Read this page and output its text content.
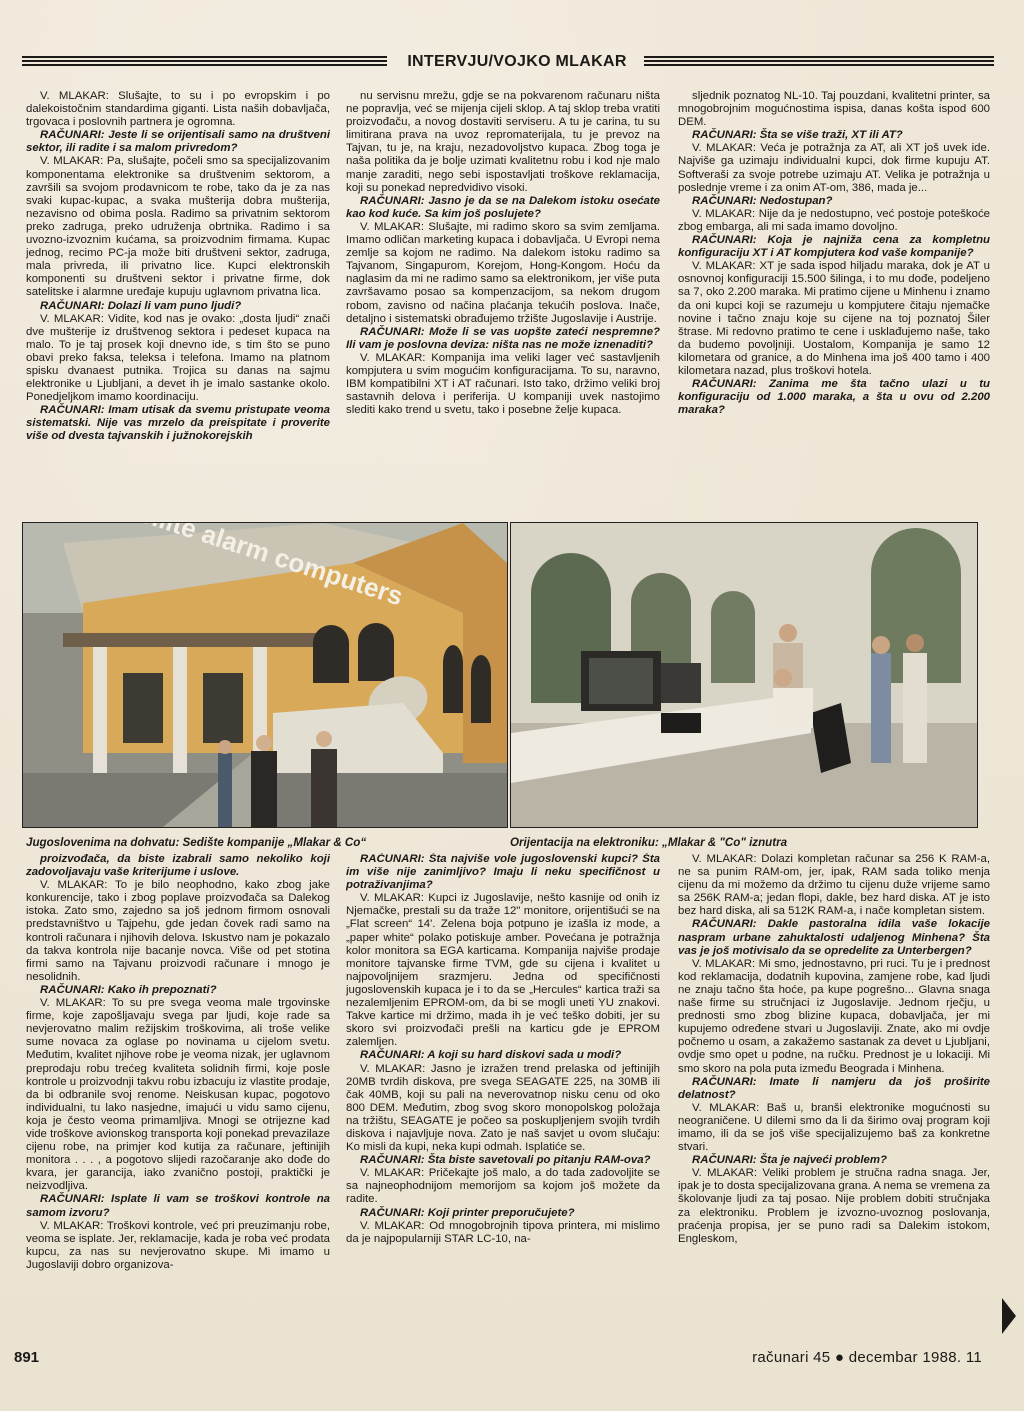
INTERVJU/VOJKO MLAKAR

V. MLAKAR: Slušajte, to su i po evropskim i po dalekoistočnim standardima giganti. Lista naših dobavljača, trgovaca i poslovnih partnera je ogromna.

RAČUNARI: Jeste li se orijentisali samo na društveni sektor, ili radite i sa malom privredom?

V. MLAKAR: Pa, slušajte, počeli smo sa specijalizovanim komponentama elektronike sa društvenim sektorom, a završili sa svojom prodavnicom te robe, tako da je za nas svaki kupac-kupac, a svaka mušterija dobra mušterija, nezavisno od obima posla. Radimo sa privatnim sektorom preko zadruga, preko udruženja obrtnika. Radimo i sa uvozno-izvoznim kućama, sa proizvodnim firmama. Kupac jednog, recimo PC-ja može biti društveni sektor, zadruga, mala privreda, ili privatno lice. Kupci elektronskih komponenti su društveni sektor i privatne firme, dok satelitske i alarmne uređaje kupuju uglavnom privatna lica.

RAČUNARI: Dolazi li vam puno ljudi?

V. MLAKAR: Vidite, kod nas je ovako: „dosta ljudi“ znači dve mušterije iz društvenog sektora i pedeset kupaca na malo. To je taj prosek koji dnevno ide, s tim što se puno obavi preko faksa, teleksa i telefona. Imamo na platnom spisku dvanaest putnika. Trojica su danas na sajmu elektronike u Ljubljani, a devet ih je imalo sastanke okolo. Ponedjeljkom imamo koordinaciju.

RAČUNARI: Imam utisak da svemu pristupate veoma sistematski. Nije vas mrzelo da preispitate i proverite više od dvesta tajvanskih i južnokorejskih

nu servisnu mrežu, gdje se na pokvarenom računaru ništa ne popravlja, već se mijenja cijeli sklop. A taj sklop treba vratiti proizvođaču, a novog dostaviti serviseru. A tu je carina, tu su limitirana prava na uvoz repromaterijala, tu je prevoz na Tajvan, tu je, na kraju, nezadovoljstvo kupaca. Zbog toga je naša politika da je bolje uzimati kvalitetnu robu i kod nje malo manje zaraditi, nego sebi ispostavljati troškove reklamacija, koji su ponekad nepredvidivo visoki.

RAČUNARI: Jasno je da se na Dalekom istoku osećate kao kod kuće. Sa kim još poslujete?

V. MLAKAR: Slušajte, mi radimo skoro sa svim zemljama. Imamo odličan marketing kupaca i dobavljača. U Evropi nema zemlje sa kojom ne radimo. Na dalekom istoku radimo sa Tajvanom, Singapurom, Korejom, Hong-Kongom. Hoću da naglasim da mi ne radimo samo sa elektronikom, jer više puta završavamo posao sa kompenzacijom, sa nekom drugom robom, zavisno od načina plaćanja tekućih poslova. Inače, detaljno i sistematski obrađujemo tržište Jugoslavije i Austrije.

RAČUNARI: Može li se vas uopšte zateći nespremne? Ili vam je poslovna deviza: ništa nas ne može iznenaditi?

V. MLAKAR: Kompanija ima veliki lager već sastavljenih kompjutera u svim mogućim konfiguracijama. To su, naravno, IBM kompatibilni XT i AT računari. Isto tako, držimo veliki broj sastavnih delova i periferija. U kompaniji uvek nastojimo slediti kako trend u svetu, tako i posebne želje kupaca.

sljednik poznatog NL-10. Taj pouzdani, kvalitetni printer, sa mnogobrojnim mogućnostima ispisa, danas košta ispod 600 DEM.

RAČUNARI: Šta se više traži, XT ili AT?

V. MLAKAR: Veća je potražnja za AT, ali XT još uvek ide. Najviše ga uzimaju individualni kupci, dok firme kupuju AT. Softveraši za svoje potrebe uzimaju AT. Velika je potražnja u poslednje vreme i za onim AT-om, 386, mada je...

RAČUNARI: Nedostupan?

V. MLAKAR: Nije da je nedostupno, već postoje poteškoće zbog embarga, ali mi sada imamo dovoljno.

RAČUNARI: Koja je najniža cena za kompletnu konfiguraciju XT i AT kompjutera kod vaše kompanije?

V. MLAKAR: XT je sada ispod hiljadu maraka, dok je AT u osnovnoj konfiguraciji 15.500 šilinga, i to mu dođe, podeljeno sa 7, oko 2.200 maraka. Mi pratimo cijene u Minhenu i znamo da oni kupci koji se razumeju u kompjutere čitaju njemačke novine i tačno znaju koje su cijene na toj poznatoj Šiler štrase. Mi redovno pratimo te cene i usklađujemo naše, tako da budemo povoljniji. Uostalom, Kompanija je samo 12 kilometara od granice, a do Minhena ima još 400 tamo i 400 kilometara nazad, plus troškovi hotela.

RAČUNARI: Zanima me šta tačno ulazi u tu konfiguraciju od 1.000 maraka, a šta u ovu od 2.200 maraka?

Jugoslovenima na dohvatu: Sedište kompanije „Mlakar & Co“	Orijentacija na elektroniku: „Mlakar & "Co" iznutra

proizvođača, da biste izabrali samo nekoliko koji zadovoljavaju vaše kriterijume i uslove.

V. MLAKAR: To je bilo neophodno, kako zbog jake konkurencije, tako i zbog poplave proizvođača sa Dalekog istoka. Zato smo, zajedno sa još jednom firmom osnovali predstavništvo u Tajpehu, gde jedan čovek radi samo na kontroli računara i njihovih delova. Iskustvo nam je pokazalo da takva kontrola nije bacanje novca. Više od pet stotina firmi samo na Tajvanu proizvodi računare i mnogo je nesolidnih.

RAČUNARI: Kako ih prepoznati?

V. MLAKAR: To su pre svega veoma male trgovinske firme, koje zapošljavaju svega par ljudi, koje rade sa nevjerovatno malim režijskim troškovima, ali troše velike sume novaca za oglase po novinama u cijelom svetu. Međutim, kvalitet njihove robe je veoma nizak, jer uglavnom preprodaju robu trećeg kvaliteta solidnih firmi, koje posle kontrole u proizvodnji takvu robu izbacuju iz vlastite prodaje, da bi odbranile svoj renome. Neiskusan kupac, pogotovo individualni, tu lako nasjedne, imajući u vidu samo cijenu, koja je često veoma primamljiva. Mnogi se otrijezne kad vide troškove avionskog transporta koji ponekad prevazilaze cijenu robe, na primjer kod kutija za računare, jeftinijih monitora . . . , a pogotovo slijedi razočaranje ako dođe do kvara, jer garancija, iako zvanično postoji, praktički je neizvodljiva.

RAČUNARI: Isplate li vam se troškovi kontrole na samom izvoru?

V. MLAKAR: Troškovi kontrole, već pri preuzimanju robe, veoma se isplate. Jer, reklamacije, kada je roba već prodata kupcu, za nas su nevjerovatno skupe. Mi imamo u Jugoslaviji dobro organizova-

RAČUNARI: Šta najviše vole jugoslovenski kupci? Šta im više nije zanimljivo? Imaju li neku specifičnost u potraživanjima?

V. MLAKAR: Kupci iz Jugoslavije, nešto kasnije od onih iz Njemačke, prestali su da traže 12" monitore, orijentišući se na „Flat screen“ 14'. Zelena boja potpuno je izašla iz mode, a „paper white“ polako potiskuje amber. Povećana je potražnja kolor monitora sa EGA karticama. Kompanija najviše prodaje monitore tajvanske firme TVM, gde su cijena i kvalitet u najpovoljnijem srazmjeru. Jedna od specifičnosti jugoslovenskih kupaca je i to da se „Hercules“ kartica traži sa nezalemljenim EPROM-om, da bi se mogli uneti YU znakovi. Takve kartice mi držimo, mada ih je već teško dobiti, jer su skoro svi proizvođači prešli na karticu gde je EPROM zalemljen.

RAČUNARI: A koji su hard diskovi sada u modi?

V. MLAKAR: Jasno je izražen trend prelaska od jeftinijih 20MB tvrdih diskova, pre svega SEAGATE 225, na 30MB ili čak 40MB, koji su pali na neverovatnop nisku cenu od oko 800 DEM. Međutim, zbog svog skoro monopolskog položaja na tržištu, SEAGATE je počeo sa poskupljenjem svojih tvrdih diskova i najavljuje nova. Zato je naš savjet u ovom slučaju: Ko misli da kupi, neka kupi odmah. Isplatiće se.

RAČUNARI: Šta biste savetovali po pitanju RAM-ova?

V. MLAKAR: Pričekajte još malo, a do tada zadovoljite se sa najneophodnijom memorijom sa kojom još možete da radite.

RAČUNARI: Koji printer preporučujete?

V. MLAKAR: Od mnogobrojnih tipova printera, mi mislimo da je najpopularniji STAR LC-10, na-

V. MLAKAR: Dolazi kompletan računar sa 256 K RAM-a, ne sa punim RAM-om, jer, ipak, RAM sada toliko menja cijenu da mi možemo da držimo tu cijenu duže vrijeme samo sa 256K RAM-a; jedan flopi, dakle, bez hard diska. AT je isto bez hard diska, ali sa 512K RAM-a, i nače kompletan sistem.

RAČUNARI: Dakle pastoralna idila vaše lokacije naspram urbane zahuktalosti udaljenog Minhena? Šta vas je još motivisalo da se opredelite za Unterbergen?

V. MLAKAR: Mi smo, jednostavno, pri ruci. Tu je i prednost kod reklamacija, dodatnih kupovina, zamjene robe, kad ljudi ne znaju tačno šta hoće, pa kupe pogrešno... Glavna snaga naše firme su stručnjaci iz Jugoslavije. Jednom rječju, u prednosti smo zbog blizine kupaca, dobavljača, jer mi kupujemo određene stvari u Jugoslaviji. Znate, ako mi ovdje počnemo u osam, a zakažemo sastanak za devet u Ljubljani, ovdje smo opet u podne, na ručku. Prednost je u lokaciji. Mi smo skoro na pola puta između Beograda i Minhena.

RAČUNARI: Imate li namjeru da još proširite delatnost?

V. MLAKAR: Baš u, branši elektronike mogućnosti su neograničene. U dilemi smo da li da širimo ovaj program koji imamo, ili da se još više specijalizujemo baš za konkretne stvari.

RAČUNARI: Šta je najveći problem?

V. MLAKAR: Veliki problem je stručna radna snaga. Jer, ipak je to dosta specijalizovana grana. A nema se vremena za školovanje ljudi za taj posao. Nije problem dobiti stručnjaka za elektroniku. Problem je izvozno-uvoznog poslovanja, praćenja propisa, jer se puno radi sa Dalekim istokom, Engleskom,

891	računari 45 ● decembar 1988. 11
